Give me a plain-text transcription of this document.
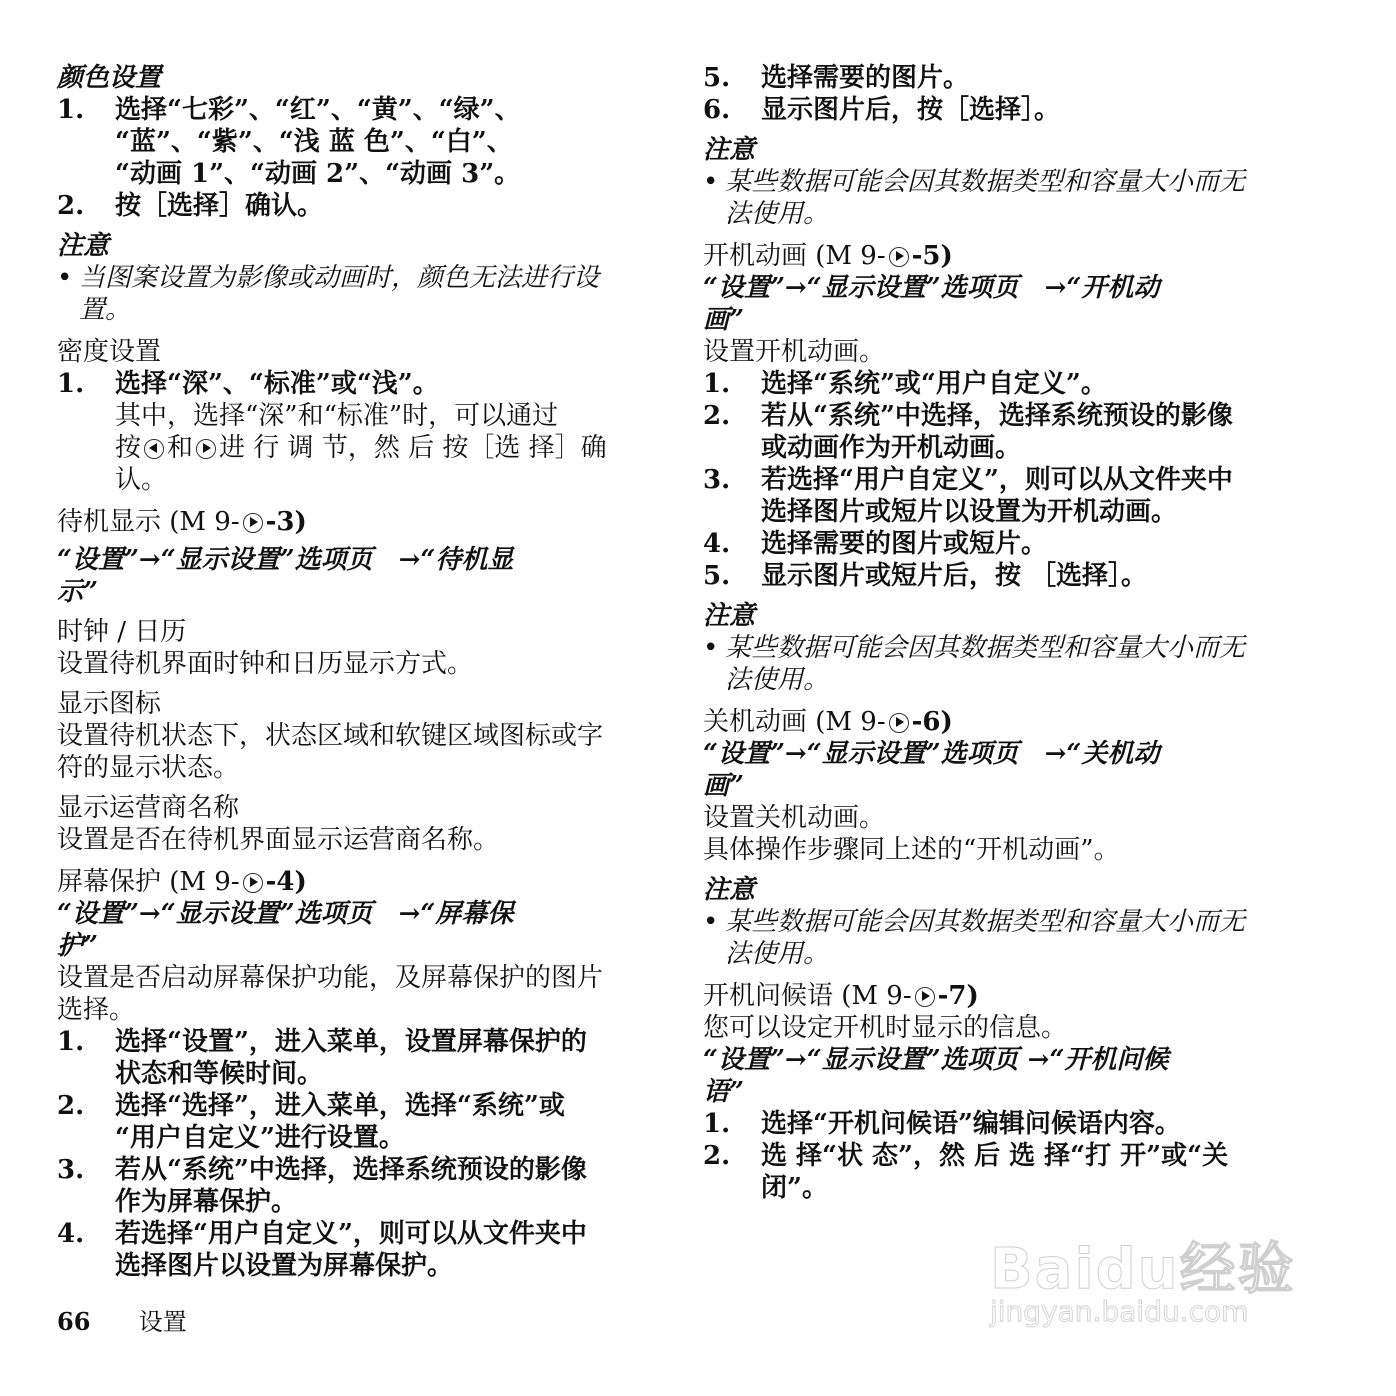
颜色设置
1.	选择“七彩”、“红”、“黄”、“绿”、
“蓝”、“紫”、“浅 蓝 色”、“白”、
“动画 1”、“动画 2”、“动画 3”。
2.	按［选择］确认。
注意
• 当图案设置为影像或动画时，颜色无法进行设
置。
密度设置
1.	选择“深”、“标准”或“浅”。
其中，选择“深”和“标准”时，可以通过
按 和 进 行 调 节，然 后 按［选 择］确
认。
待机显示 (M 9- -3)
“设置”→“显示设置”选项页　→“待机显
示”
时钟 / 日历
设置待机界面时钟和日历显示方式。
显示图标
设置待机状态下，状态区域和软键区域图标或字
符的显示状态。
显示运营商名称
设置是否在待机界面显示运营商名称。
屏幕保护 (M 9- -4)
“设置”→“显示设置”选项页　→“屏幕保
护”
设置是否启动屏幕保护功能，及屏幕保护的图片
选择。
1.	选择“设置”，进入菜单，设置屏幕保护的
状态和等候时间。
2.	选择“选择”，进入菜单，选择“系统”或
“用户自定义”进行设置。
3.	若从“系统”中选择，选择系统预设的影像
作为屏幕保护。
4.	若选择“用户自定义”，则可以从文件夹中
选择图片以设置为屏幕保护。
5.	选择需要的图片。
6.	显示图片后，按［选择］。
注意
• 某些数据可能会因其数据类型和容量大小而无
法使用。
开机动画 (M 9- -5)
“设置”→“显示设置”选项页　→“开机动
画”
设置开机动画。
1.	选择“系统”或“用户自定义”。
2.	若从“系统”中选择，选择系统预设的影像
或动画作为开机动画。
3.	若选择“用户自定义”，则可以从文件夹中
选择图片或短片以设置为开机动画。
4.	选择需要的图片或短片。
5.	显示图片或短片后，按 ［选择］。
注意
• 某些数据可能会因其数据类型和容量大小而无
法使用。
关机动画 (M 9- -6)
“设置”→“显示设置”选项页　→“关机动
画”
设置关机动画。
具体操作步骤同上述的“开机动画”。
注意
• 某些数据可能会因其数据类型和容量大小而无
法使用。
开机问候语 (M 9- -7)
您可以设定开机时显示的信息。
“设置”→“显示设置”选项页 →“开机问候
语”
1.	选择“开机问候语”编辑问候语内容。
2.	选 择“状 态”，然 后 选 择“打 开”或“关
闭”。
66 设置
Baidu经验
jingyan.baidu.com
